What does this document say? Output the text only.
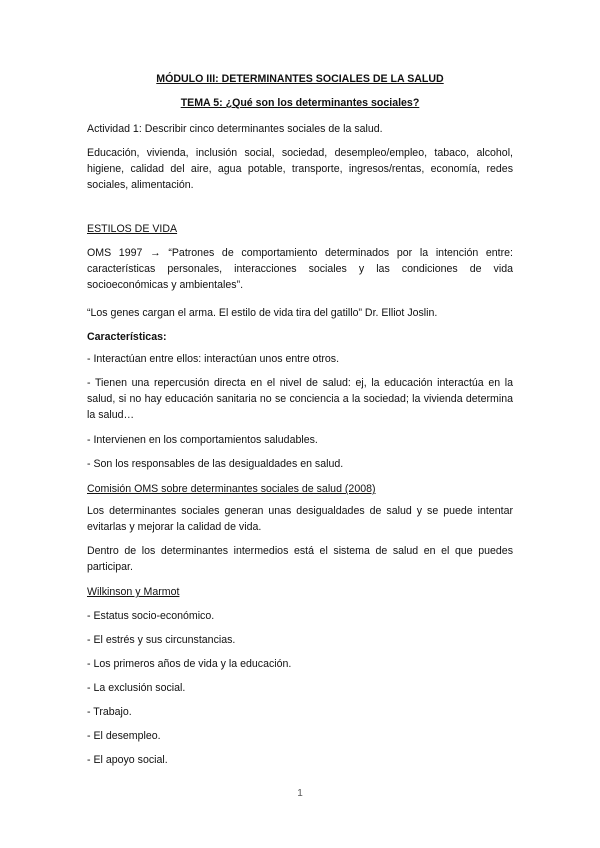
MÓDULO III: DETERMINANTES SOCIALES DE LA SALUD

TEMA 5: ¿Qué son los determinantes sociales?

Actividad 1: Describir cinco determinantes sociales de la salud.

Educación, vivienda, inclusión social, sociedad, desempleo/empleo, tabaco, alcohol, higiene, calidad del aire, agua potable, transporte, ingresos/rentas, economía, redes sociales, alimentación.

ESTILOS DE VIDA

OMS 1997 → “Patrones de comportamiento determinados por la intención entre: características personales, interacciones sociales y las condiciones de vida socioeconómicas y ambientales”.

“Los genes cargan el arma. El estilo de vida tira del gatillo” Dr. Elliot Joslin.

Características:

- Interactúan entre ellos: interactúan unos entre otros.

- Tienen una repercusión directa en el nivel de salud: ej, la educación interactúa en la salud, si no hay educación sanitaria no se conciencia a la sociedad; la vivienda determina la salud…

- Intervienen en los comportamientos saludables.

- Son los responsables de las desigualdades en salud.

Comisión OMS sobre determinantes sociales de salud (2008)

Los determinantes sociales generan unas desigualdades de salud y se puede intentar evitarlas y mejorar la calidad de vida.

Dentro de los determinantes intermedios está el sistema de salud en el que puedes participar.

Wilkinson y Marmot

- Estatus socio-económico.

- El estrés y sus circunstancias.

- Los primeros años de vida y la educación.

- La exclusión social.

- Trabajo.

- El desempleo.

- El apoyo social.

1
